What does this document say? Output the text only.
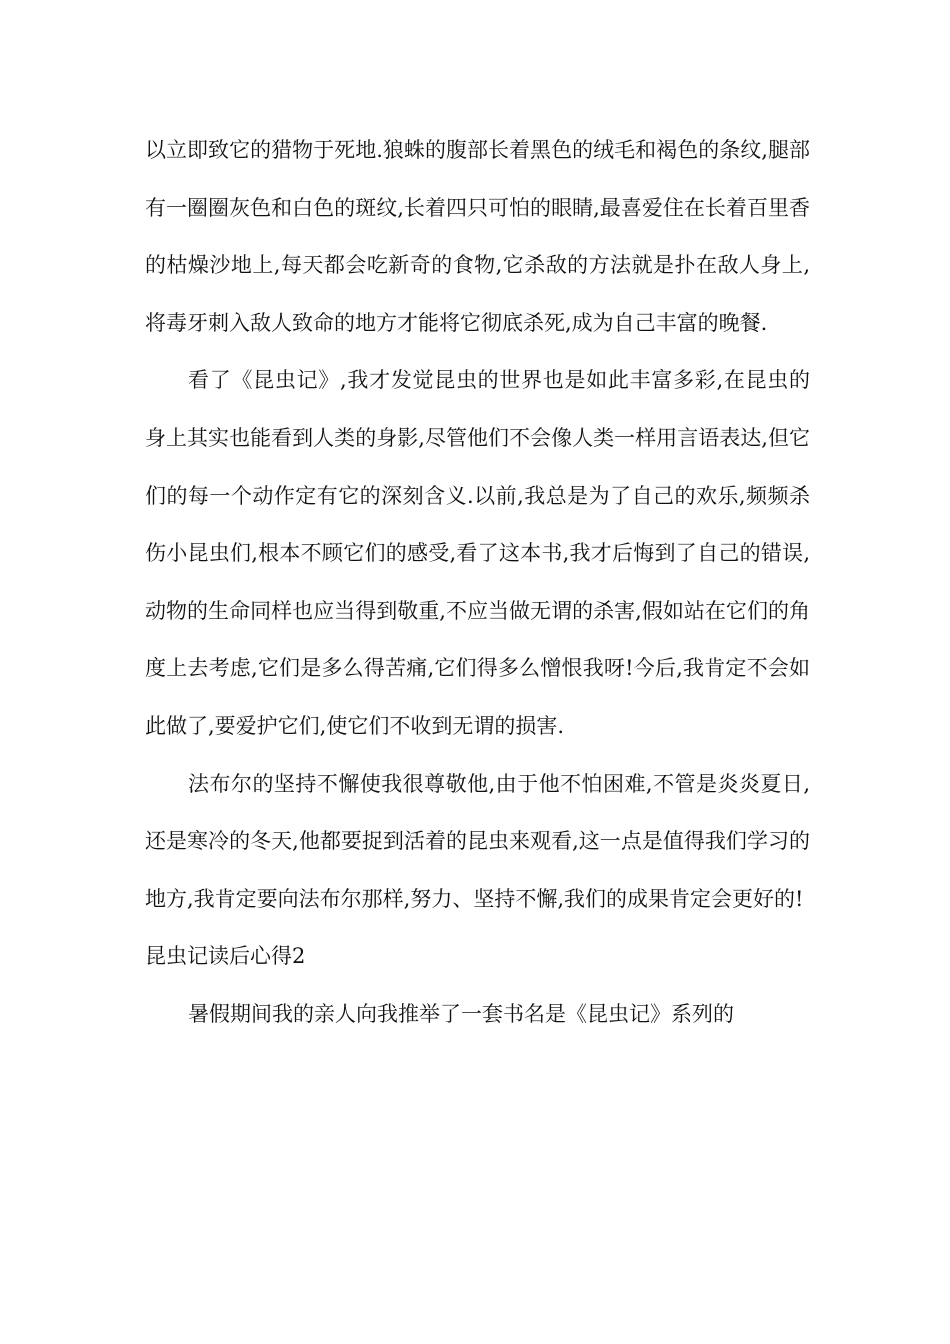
以立即致它的猎物于死地.狼蛛的腹部长着黑色的绒毛和褐色的条纹,腿部有一圈圈灰色和白色的斑纹,长着四只可怕的眼睛,最喜爱住在长着百里香的枯燥沙地上,每天都会吃新奇的食物,它杀敌的方法就是扑在敌人身上,将毒牙刺入敌人致命的地方才能将它彻底杀死,成为自己丰富的晚餐.

看了《昆虫记》,我才发觉昆虫的世界也是如此丰富多彩,在昆虫的身上其实也能看到人类的身影,尽管他们不会像人类一样用言语表达,但它们的每一个动作定有它的深刻含义.以前,我总是为了自己的欢乐,频频杀伤小昆虫们,根本不顾它们的感受,看了这本书,我才后悔到了自己的错误,动物的生命同样也应当得到敬重,不应当做无谓的杀害,假如站在它们的角度上去考虑,它们是多么得苦痛,它们得多么憎恨我呀!今后,我肯定不会如此做了,要爱护它们,使它们不收到无谓的损害.

法布尔的坚持不懈使我很尊敬他,由于他不怕困难,不管是炎炎夏日,还是寒冷的冬天,他都要捉到活着的昆虫来观看,这一点是值得我们学习的地方,我肯定要向法布尔那样,努力、坚持不懈,我们的成果肯定会更好的!

昆虫记读后心得2

暑假期间我的亲人向我推举了一套书名是《昆虫记》系列的
